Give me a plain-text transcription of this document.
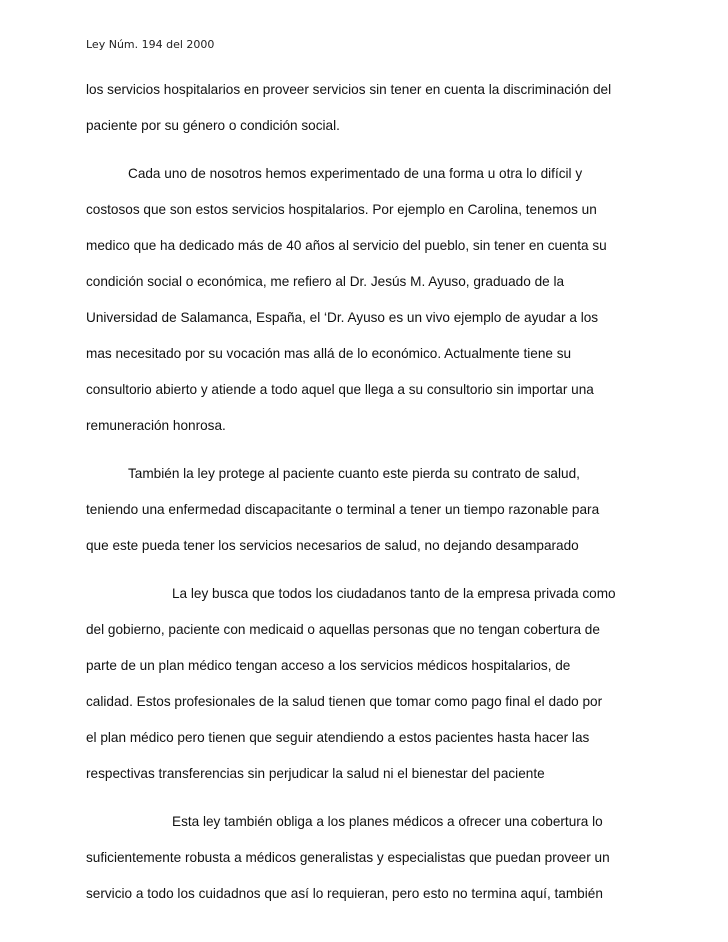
Ley Núm. 194 del 2000
los servicios hospitalarios en proveer servicios sin tener en cuenta la discriminación del
paciente por su género o condición social.
Cada uno de nosotros hemos experimentado de una forma u otra lo difícil y
costosos que son estos servicios hospitalarios. Por ejemplo en Carolina, tenemos un
medico que ha dedicado más de 40 años al servicio del pueblo, sin tener en cuenta su
condición social o económica, me refiero al Dr. Jesús M. Ayuso, graduado de la
Universidad de Salamanca, España, el ‘Dr. Ayuso es un vivo ejemplo de ayudar a los
mas necesitado por su vocación mas allá de lo económico. Actualmente tiene su
consultorio abierto y atiende a todo aquel que llega a su consultorio sin importar una
remuneración honrosa.
También la ley protege al paciente cuanto este pierda su contrato de salud,
teniendo una enfermedad discapacitante o terminal a tener un tiempo razonable para
que este pueda tener los servicios necesarios de salud, no dejando desamparado
La ley busca que todos los ciudadanos tanto de la empresa privada como
del gobierno, paciente con medicaid o aquellas personas que no tengan cobertura de
parte de un plan médico tengan acceso a los servicios médicos hospitalarios, de
calidad. Estos profesionales de la salud tienen que tomar como pago final el dado por
el plan médico pero tienen que seguir atendiendo a estos pacientes hasta hacer las
respectivas transferencias sin perjudicar la salud ni el bienestar del paciente
Esta ley también obliga a los planes médicos a ofrecer una cobertura lo
suficientemente robusta a médicos generalistas y especialistas que puedan proveer un
servicio a todo los cuidadnos que así lo requieran, pero esto no termina aquí, también
